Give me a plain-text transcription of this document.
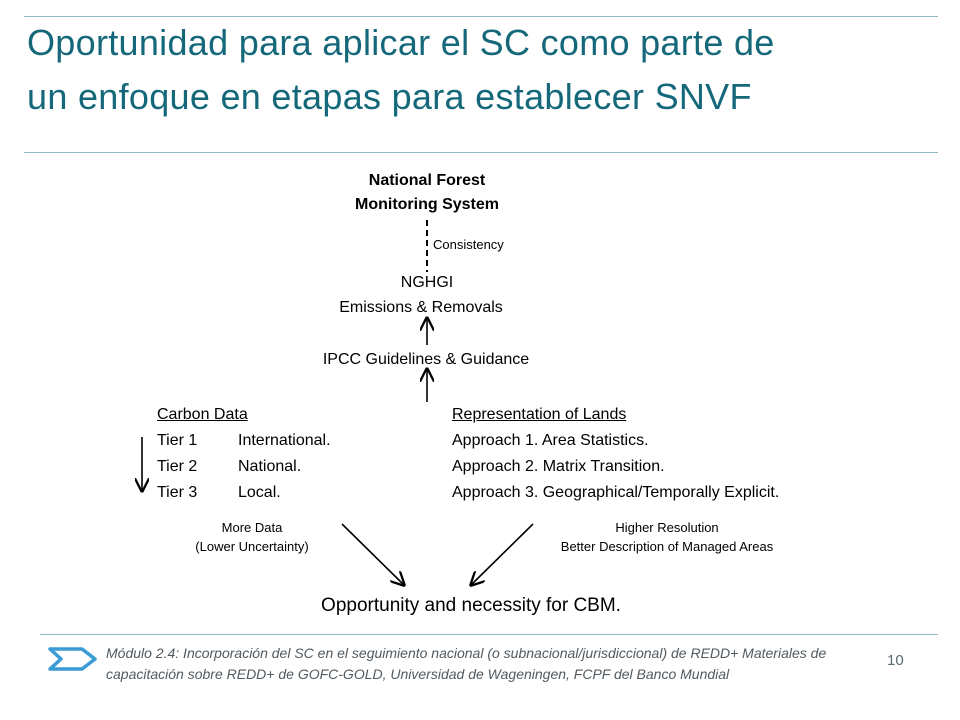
Oportunidad para aplicar el SC como parte de
un enfoque en etapas para establecer SNVF
National Forest
Monitoring System
Consistency
NGHGI
Emissions & Removals
IPCC Guidelines & Guidance
Carbon Data
Tier 1	International.
Tier 2	National.
Tier 3	Local.
More Data
(Lower Uncertainty)
Representation of Lands
Approach 1. Area Statistics.
Approach 2. Matrix Transition.
Approach 3. Geographical/Temporally Explicit.
Higher Resolution
Better Description of Managed Areas
Opportunity and necessity for CBM.
Módulo 2.4: Incorporación del SC en el seguimiento nacional (o subnacional/jurisdiccional) de REDD+ Materiales de capacitación sobre REDD+ de GOFC-GOLD, Universidad de Wageningen, FCPF del Banco Mundial
10
